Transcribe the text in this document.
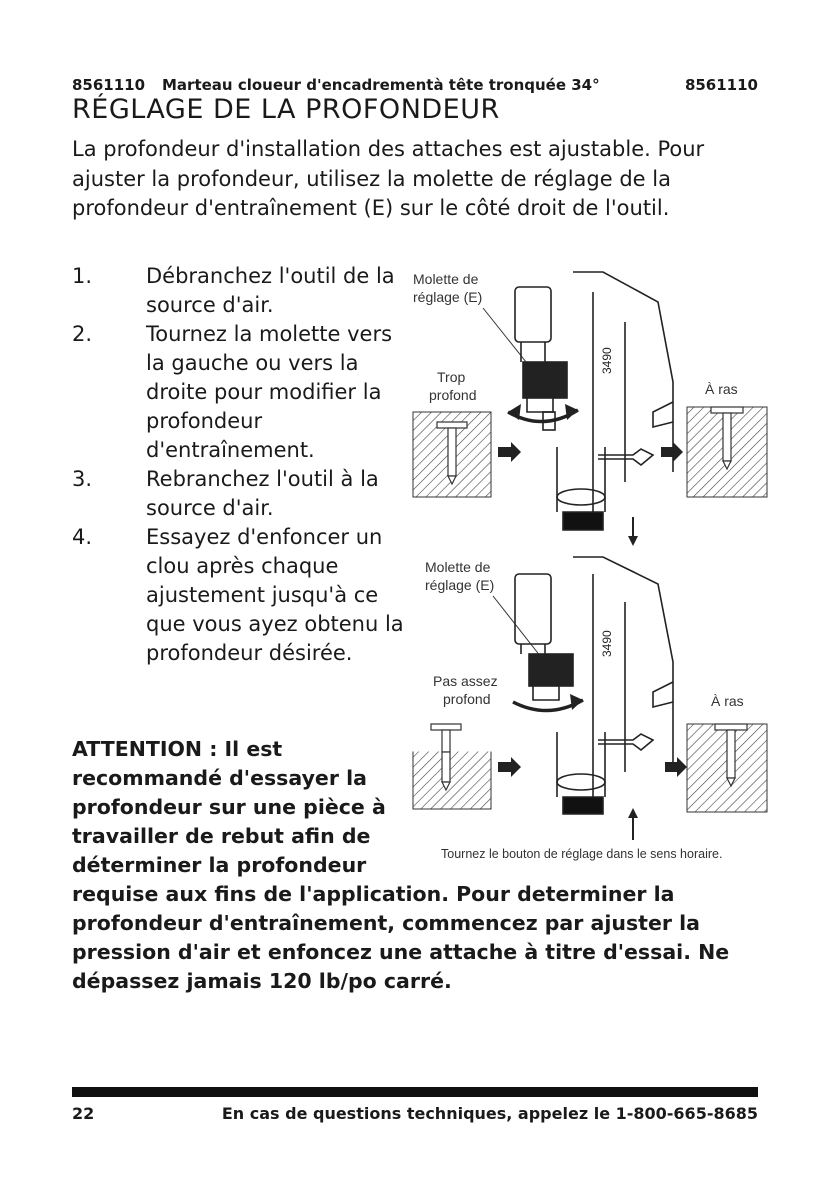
8561110 Marteau cloueur d'encadrementà tête tronquée 34°	8561110
RÉGLAGE DE LA PROFONDEUR

La profondeur d'installation des attaches est ajustable. Pour ajuster la profondeur, utilisez la molette de réglage de la profondeur d'entraînement (E) sur le côté droit de l'outil.

1.	Débranchez l'outil de la source d'air.
2.	Tournez la molette vers la gauche ou vers la droite pour modifier la profondeur d'entraînement.
3.	Rebranchez l'outil à la source d'air.
4.	Essayez d'enfoncer un clou après chaque ajustement jusqu'à ce que vous ayez obtenu la profondeur désirée.
ATTENTION : Il est
recommandé d'essayer la
profondeur sur une pièce à
travailler de rebut afin de
déterminer la profondeur
requise aux fins de l'application. Pour determiner la profondeur d'entraînement, commencez par ajuster la pression d'air et enfoncez une attache à titre d'essai. Ne dépassez jamais 120 lb/po carré.
Molette de
réglage (E)
3490
Trop
profond	À ras
Molette de
réglage (E)
3490
Pas assez
profond	À ras
Tournez le bouton de réglage dans le sens horaire.
22	En cas de questions techniques, appelez le 1-800-665-8685
